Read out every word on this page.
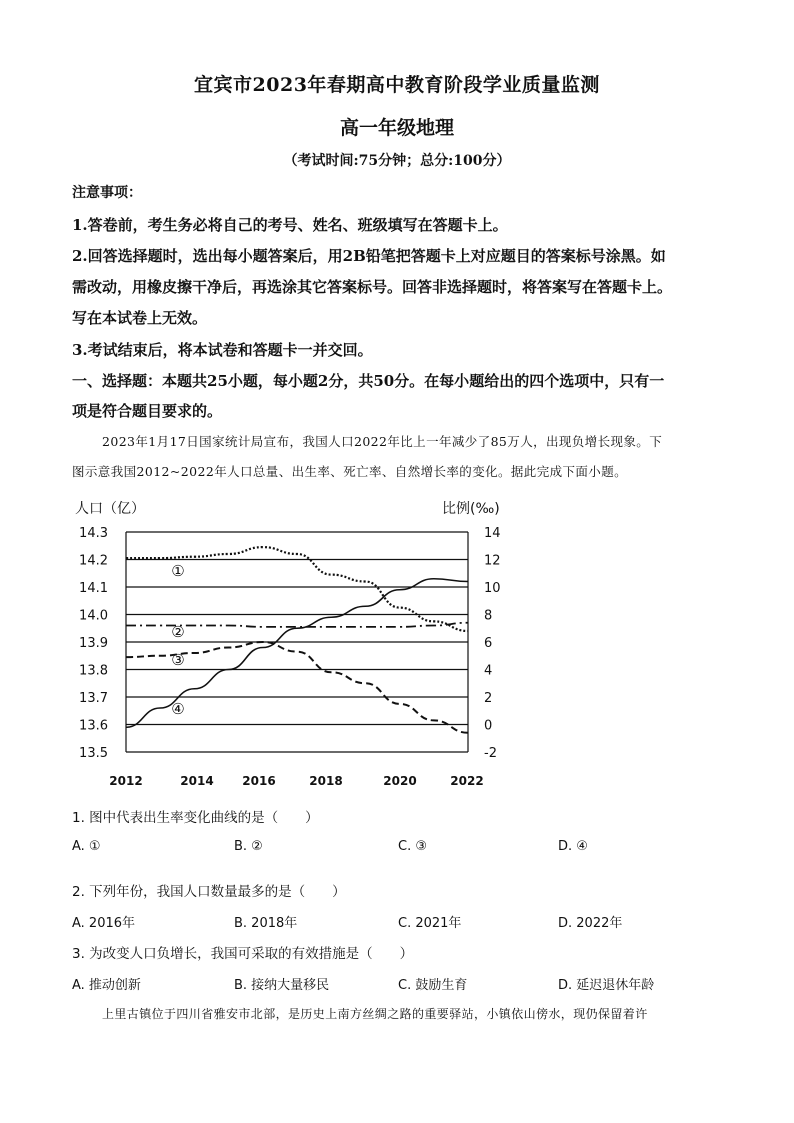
宜宾市2023年春期高中教育阶段学业质量监测
高一年级地理
（考试时间:75分钟；总分:100分）
注意事项：
1.答卷前，考生务必将自己的考号、姓名、班级填写在答题卡上。
2.回答选择题时，选出每小题答案后，用2B铅笔把答题卡上对应题目的答案标号涂黑。如
需改动，用橡皮擦干净后，再选涂其它答案标号。回答非选择题时，将答案写在答题卡上。
写在本试卷上无效。
3.考试结束后，将本试卷和答题卡一并交回。
一、选择题：本题共25小题，每小题2分，共50分。在每小题给出的四个选项中，只有一
项是符合题目要求的。
2023年1月17日国家统计局宣布，我国人口2022年比上一年减少了85万人，出现负增长现象。下
图示意我国2012~2022年人口总量、出生率、死亡率、自然增长率的变化。据此完成下面小题。
14.3
14.2
14.1
14.0
13.9
13.8
13.7
13.6
13.5
14
12
10
8
6
4
2
0
-2
2012	2014 2016	2018	2020	2022
人口（亿）	比例(‰)
①
②
③
④
1. 图中代表出生率变化曲线的是（　　）
A. ①	B. ②	C. ③	D. ④
2. 下列年份，我国人口数量最多的是（　　）
A. 2016年	B. 2018年	C. 2021年	D. 2022年
3. 为改变人口负增长，我国可采取的有效措施是（　　）
A. 推动创新	B. 接纳大量移民	C. 鼓励生育	D. 延迟退休年龄
上里古镇位于四川省雅安市北部，是历史上南方丝绸之路的重要驿站，小镇依山傍水，现仍保留着许
